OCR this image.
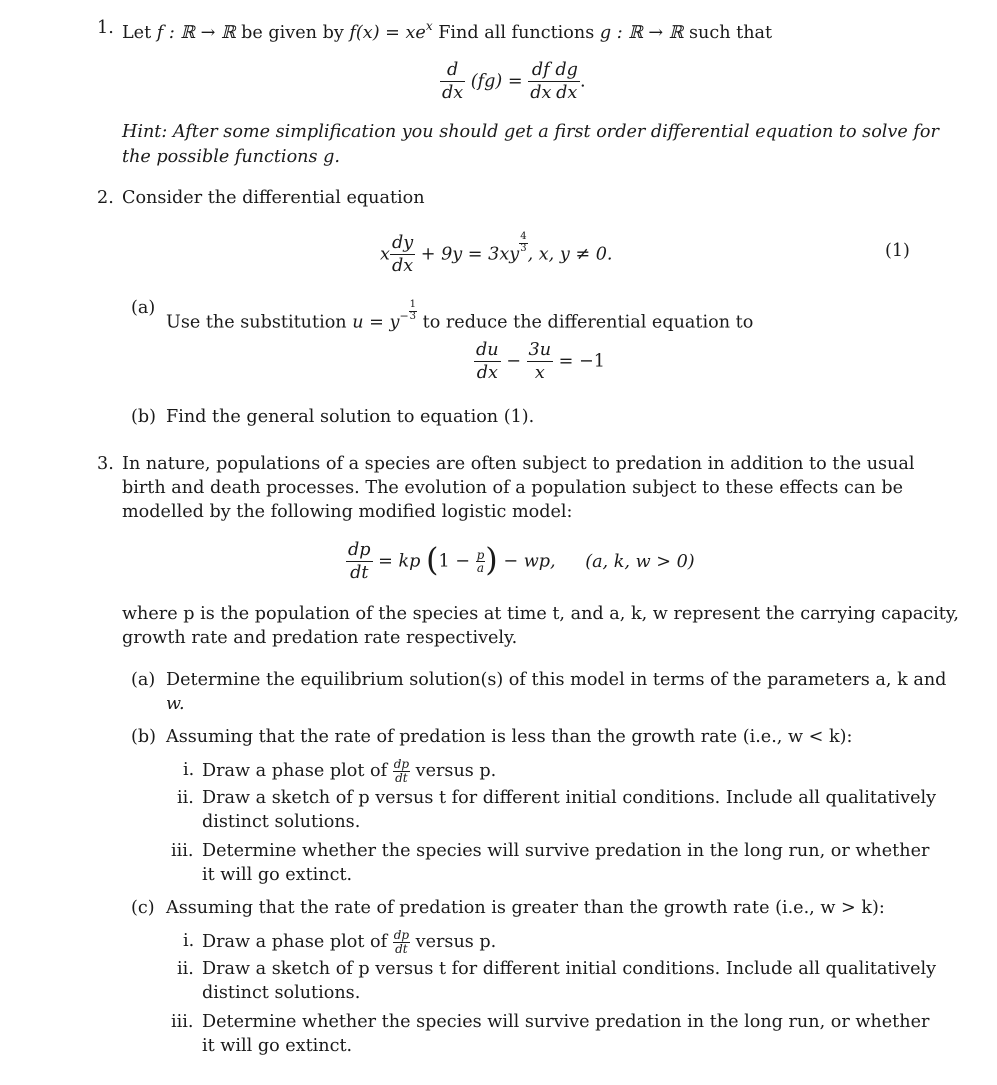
1. Let f : ℝ → ℝ be given by $f(x) = xe^x$ Find all functions g : ℝ → ℝ such that
$\frac{d}{dx} (fg) = \frac{df}{dx} \frac{dg}{dx}$ .
Hint: After some simplification you should get a first order differential equation to solve for
the possible functions g.
2. Consider the differential equation
x $\frac{dy}{dx} + 9y = 3xy$
$\frac{4}{3}$
, x, y ≠ 0.	(1)
(a)
Use the substitution $u = y^- \frac{1}{3}$
to reduce the differential equation to
$\frac{du}{dx} - \frac{3u}{x} = -1$
(b) Find the general solution to equation (1).
3. In nature, populations of a species are often subject to predation in addition to the usual
birth and death processes. The evolution of a population subject to these effects can be
modelled by the following modified logistic model:
$\frac{dp}{dt}$ = kp ($1 - \frac{p}{a}$ ) − wp, (a, k, w > 0)
where p is the population of the species at time t, and a, k, w represent the carrying capacity,
growth rate and predation rate respectively.
(a) Determine the equilibrium solution(s) of this model in terms of the parameters a, k and
w.
(b) Assuming that the rate of predation is less than the growth rate (i.e., w < k):
i. Draw a phase plot of $\frac{dp}{dt}$ versus p.
ii. Draw a sketch of p versus t for different initial conditions. Include all qualitatively
distinct solutions.
iii. Determine whether the species will survive predation in the long run, or whether
it will go extinct.
(c) Assuming that the rate of predation is greater than the growth rate (i.e., w > k):
i. Draw a phase plot of $\frac{dp}{dt}$ versus p.
ii. Draw a sketch of p versus t for different initial conditions. Include all qualitatively
distinct solutions.
iii. Determine whether the species will survive predation in the long run, or whether
it will go extinct.
